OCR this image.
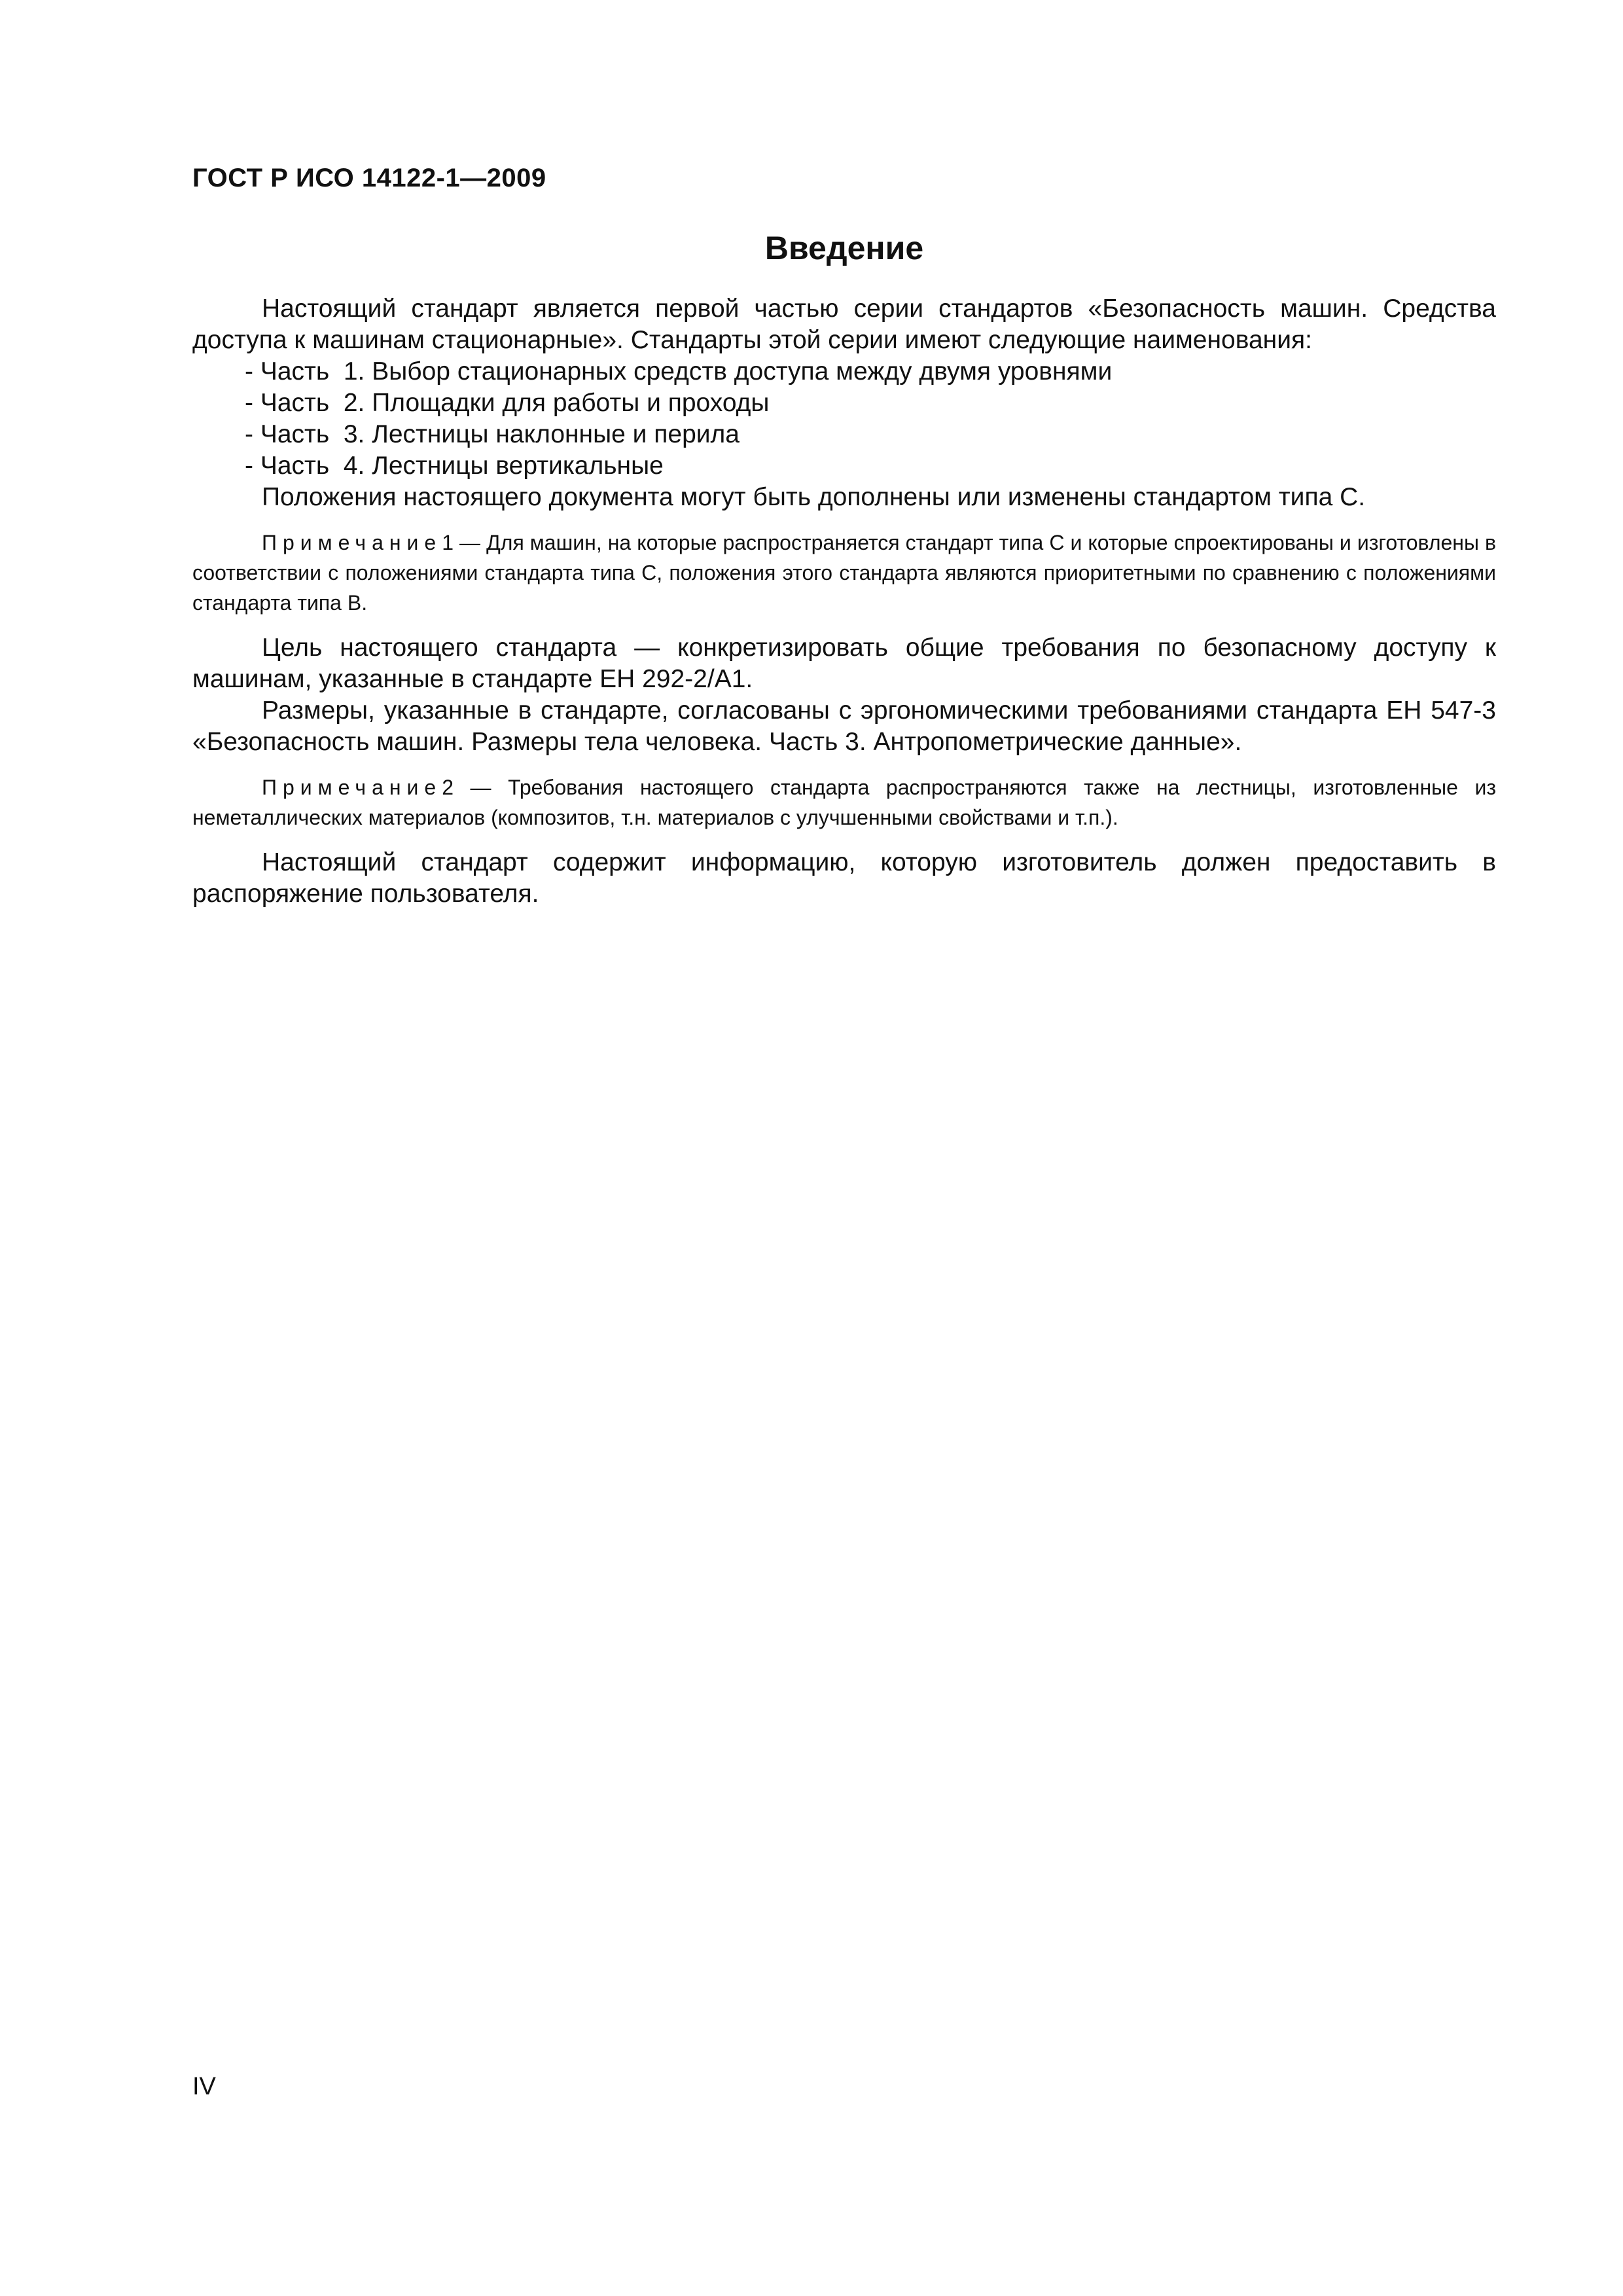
ГОСТ Р ИСО 14122-1—2009
Введение

Настоящий стандарт является первой частью серии стандартов «Безопасность машин. Средства доступа к машинам стационарные». Стандарты этой серии имеют следующие наименования:

- Часть  1. Выбор стационарных средств доступа между двумя уровнями

- Часть  2. Площадки для работы и проходы

- Часть  3. Лестницы наклонные и перила

- Часть  4. Лестницы вертикальные

Положения настоящего документа могут быть дополнены или изменены стандартом типа С.

Примечание1 — Для машин, на которые распространяется стандарт типа С и которые спроектированы и изготовлены в соответствии с положениями стандарта типа С, положения этого стандарта являются приоритетными по сравнению с положениями стандарта типа В.

Цель настоящего стандарта — конкретизировать общие требования по безопасному доступу к машинам, указанные в стандарте ЕН 292-2/А1.

Размеры, указанные в стандарте, согласованы с эргономическими требованиями стандарта ЕН 547-3 «Безопасность машин. Размеры тела человека. Часть 3. Антропометрические данные».

Примечание2 — Требования настоящего стандарта распространяются также на лестницы, изготовленные из неметаллических материалов (композитов, т.н. материалов с улучшенными свойствами и т.п.).

Настоящий стандарт содержит информацию, которую изготовитель должен предоставить в распоряжение пользователя.

IV
